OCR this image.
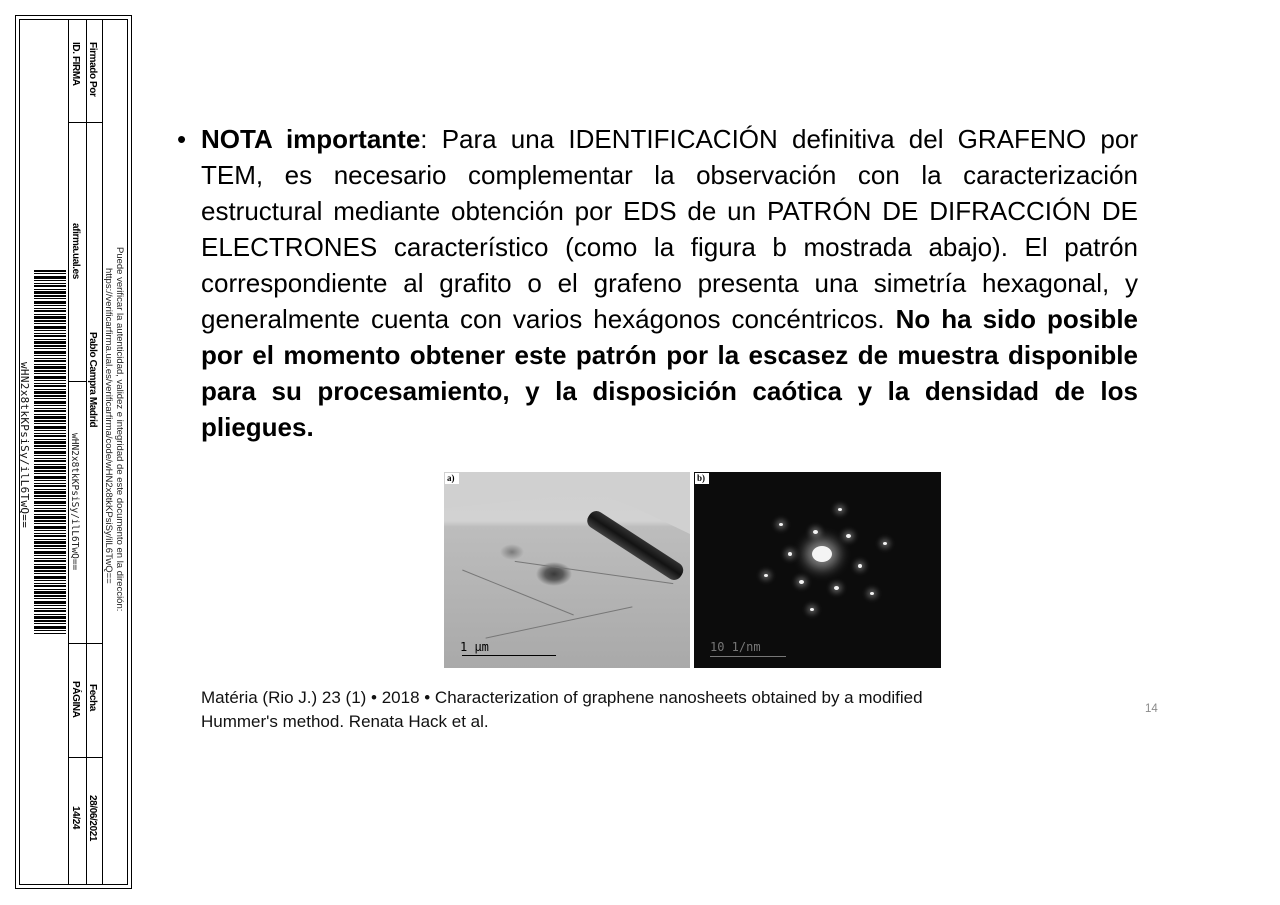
Firmado Por
Pablo Campra Madrid
Fecha
28/06/2021
ID. FIRMA
afirma.ual.es
wHN2x8tkKPsiSy/ilL6TwQ==
PÁGINA
14/24
Puede verificar la autenticidad, validez e integridad de este documento en la dirección:
https://verificarfirma.ual.es/verificarfirma/code/wHN2x8tkKPsiSy/ilL6TwQ==
wHN2x8tkKPsiSy/ilL6TwQ==
• NOTA importante: Para una IDENTIFICACIÓN definitiva del GRAFENO por TEM, es necesario complementar la observación con la caracterización estructural mediante obtención por EDS de un PATRÓN DE DIFRACCIÓN DE ELECTRONES característico (como la figura b mostrada abajo). El patrón correspondiente al grafito o el grafeno presenta una simetría hexagonal, y generalmente cuenta con varios hexágonos concéntricos. No ha sido posible por el momento obtener este patrón por la escasez de muestra disponible para su procesamiento, y la disposición caótica y la densidad de los pliegues.
a)
1 μm
b)
10 1/nm
Matéria (Rio J.) 23 (1) • 2018 • Characterization of graphene nanosheets obtained by a modified
Hummer's method. Renata Hack et al.
14
